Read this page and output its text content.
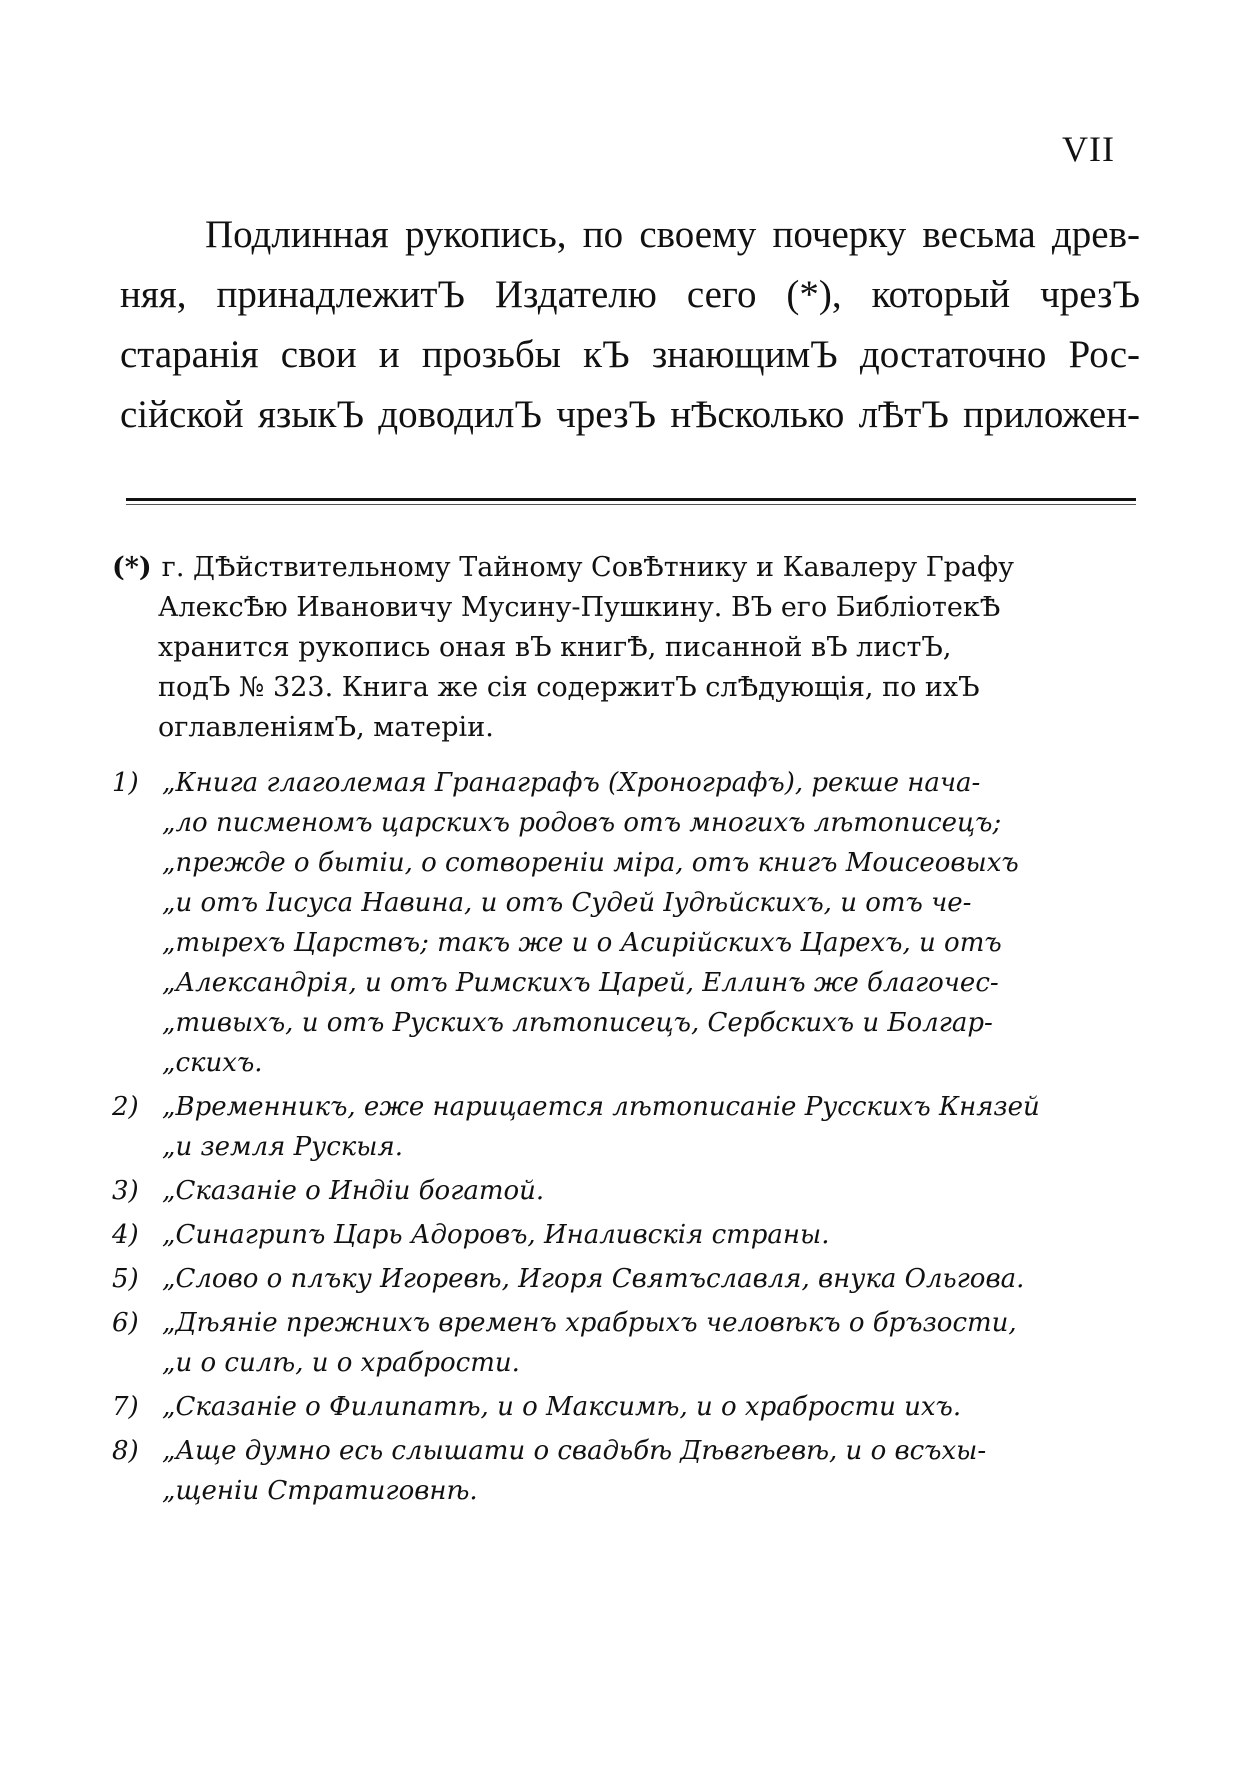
VII
Подлинная рукопись, по своему почерку весьма древ-
няя, принадлежитЪ Издателю сего (*), который чрезЪ
старанія свои и прозьбы кЪ знающимЪ достаточно Рос-
сійской языкЪ доводилЪ чрезЪ нѢсколько лѢтЪ приложен-
(*) г. ДѢйствительному Тайному СовѢтнику и Кавалеру Графу
АлексѢю Ивановичу Мусину-Пушкину. ВЪ его БибліотекѢ
хранится рукопись оная вЪ книгѢ, писанной вЪ листЪ,
подЪ № 323. Книга же сія содержитЪ слѢдующія, по ихЪ
оглавленіямЪ, матеріи.
1) „Книга глаголемая Гранаграфъ (Хронографъ), рекше нача-
„ло писменомъ царскихъ родовъ отъ многихъ лѣтописецъ;
„прежде о бытіи, о сотворенiи міра, отъ книгъ Моисеовыхъ
„и отъ Iисуса Навина, и отъ Судей Iудѣйскихъ, и отъ че-
„тырехъ Царствъ; такъ же и о Асирійскихъ Царехъ, и отъ
„Александрія, и отъ Римскихъ Царей, Еллинъ же благочес-
„тивыхъ, и отъ Рускихъ лѣтописецъ, Сербскихъ и Болгар-
„скихъ.
2) „Временникъ, еже нарицается лѣтописаніе Русскихъ Князей
„и земля Рускыя.
3) „Сказаніе о Индіи богатой.
4) „Синагрипъ Царь Адоровъ, Иналивскія страны.
5) „Слово о плъку Игоревѣ, Игоря Святъславля, внука Ольгова.
6) „Дѣяніе прежнихъ временъ храбрыхъ человѣкъ о бръзости,
„и о силѣ, и о храбрости.
7) „Сказаніе о Филипатѣ, и о Максимѣ, и о храбрости ихъ.
8) „Аще думно есь слышати о свадьбѣ Дѣвгѣевѣ, и о всъхы-
„щеніи Стратиговнѣ.
